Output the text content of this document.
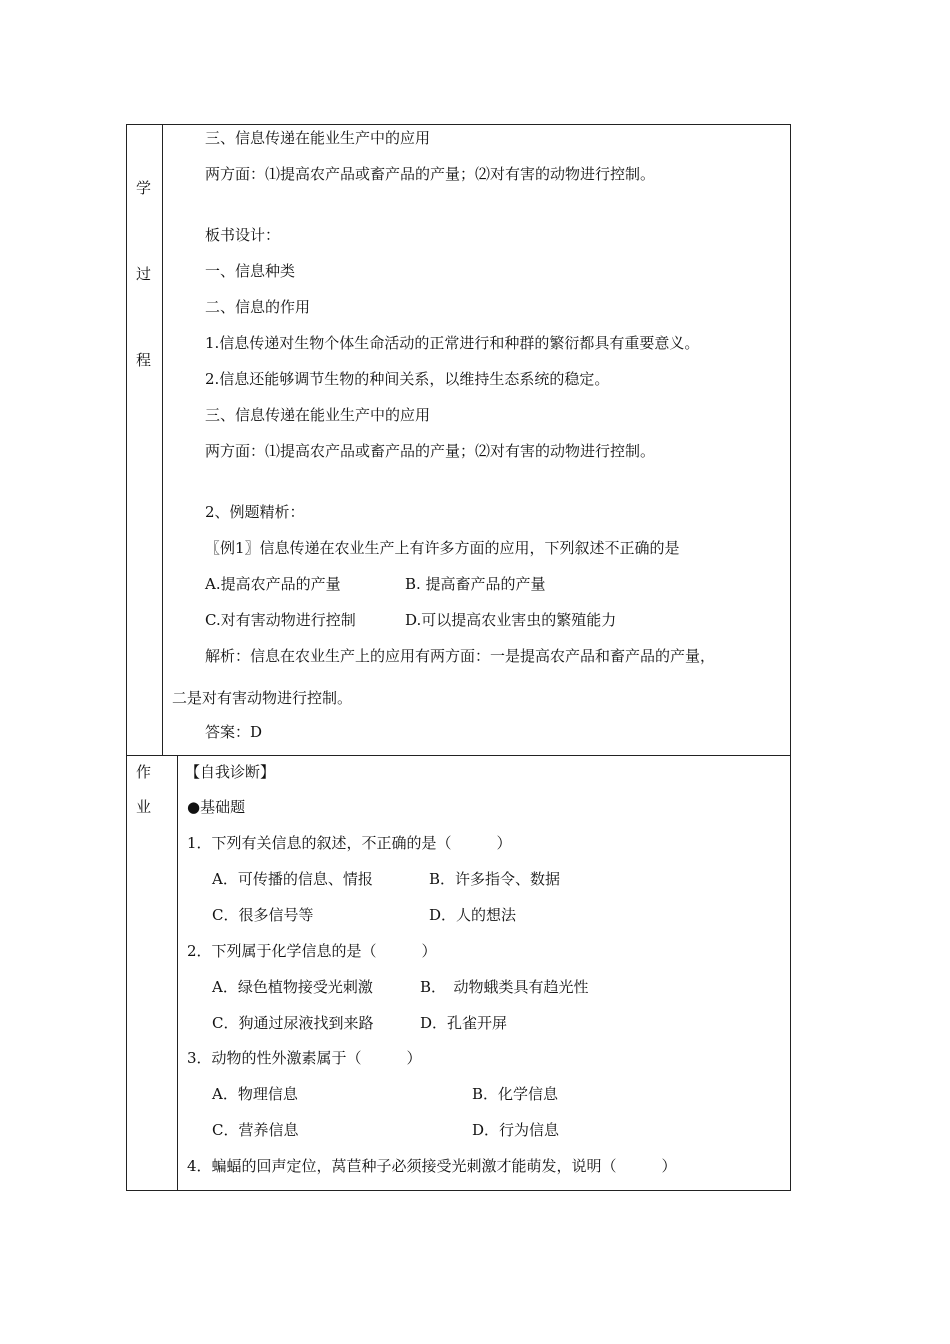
学
过
程
三、信息传递在能业生产中的应用
两方面：⑴提高农产品或畜产品的产量；⑵对有害的动物进行控制。
板书设计：
一、信息种类
二、信息的作用
1.信息传递对生物个体生命活动的正常进行和种群的繁衍都具有重要意义。
2.信息还能够调节生物的种间关系，以维持生态系统的稳定。
三、信息传递在能业生产中的应用
两方面：⑴提高农产品或畜产品的产量；⑵对有害的动物进行控制。
2、例题精析：
〖例1〗信息传递在农业生产上有许多方面的应用，下列叙述不正确的是
A.提高农产品的产量	B. 提高畜产品的产量
C.对有害动物进行控制	D.可以提高农业害虫的繁殖能力
解析：信息在农业生产上的应用有两方面：一是提高农产品和畜产品的产量，
二是对有害动物进行控制。
答案：D
作
业
【自我诊断】
●基础题
1．下列有关信息的叙述，不正确的是（　　　）
A．可传播的信息、情报	B．许多指令、数据
C．很多信号等	D．人的想法
2．下列属于化学信息的是（　　　）
A．绿色植物接受光刺激	B．　动物蛾类具有趋光性
C．狗通过尿液找到来路	D．孔雀开屏
3．动物的性外激素属于（　　　）
A．物理信息	B．化学信息
C．营养信息	D．行为信息
4．蝙蝠的回声定位，莴苣种子必须接受光刺激才能萌发，说明（　　　）
